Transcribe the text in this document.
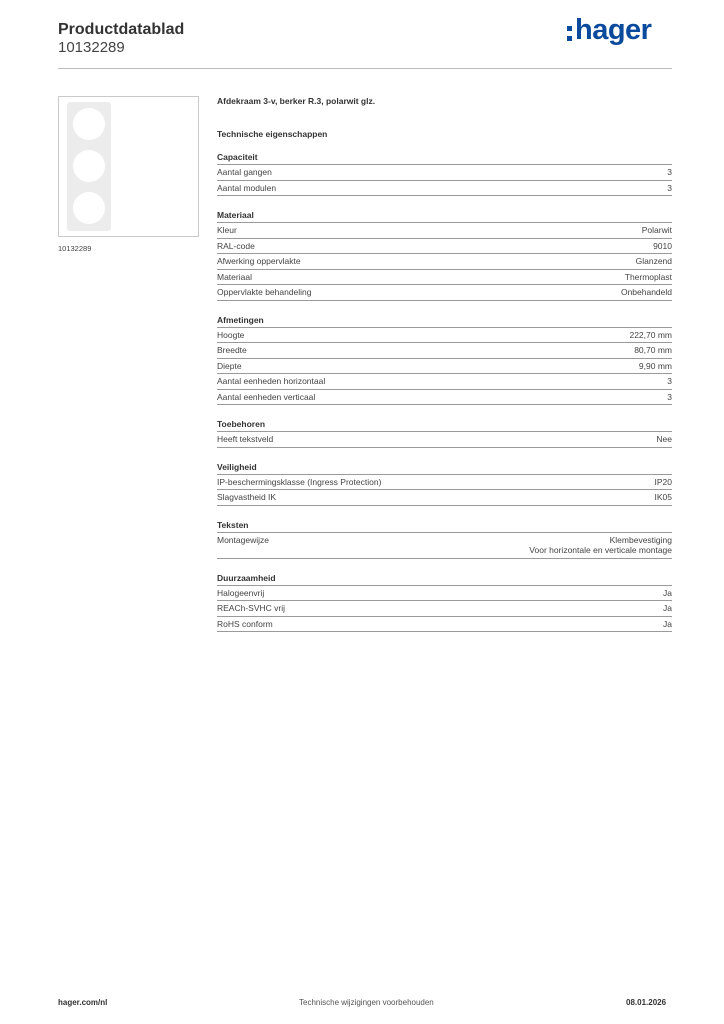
Productdatablad
10132289
hager
10132289
Afdekraam 3-v, berker R.3, polarwit glz.
Technische eigenschappen
Capaciteit
Aantal gangen	3
Aantal modulen	3
Materiaal
Kleur	Polarwit
RAL-code	9010
Afwerking oppervlakte	Glanzend
Materiaal	Thermoplast
Oppervlakte behandeling	Onbehandeld
Afmetingen
Hoogte	222,70 mm
Breedte	80,70 mm
Diepte	9,90 mm
Aantal eenheden horizontaal	3
Aantal eenheden verticaal	3
Toebehoren
Heeft tekstveld	Nee
Veiligheid
IP-beschermingsklasse (Ingress Protection)	IP20
Slagvastheid IK	IK05
Teksten
Montagewijze	Klembevestiging
Voor horizontale en verticale montage
Duurzaamheid
Halogeenvrij	Ja
REACh-SVHC vrij	Ja
RoHS conform	Ja
hager.com/nl	Technische wijzigingen voorbehouden	08.01.2026
